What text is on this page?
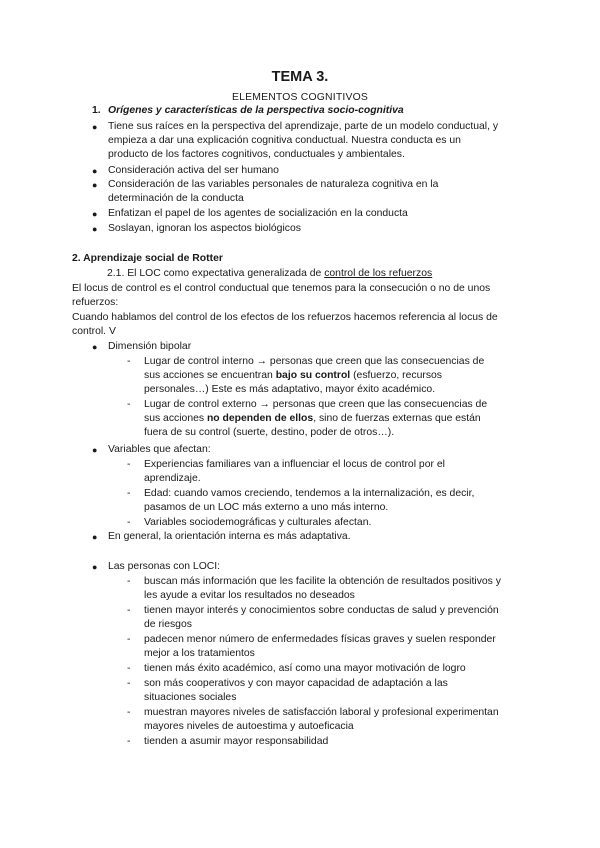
TEMA 3.
ELEMENTOS COGNITIVOS
1. Orígenes y características de la perspectiva socio-cognitiva
● Tiene sus raíces en la perspectiva del aprendizaje, parte de un modelo conductual, y
empieza a dar una explicación cognitiva conductual. Nuestra conducta es un
producto de los factores cognitivos, conductuales y ambientales.
● Consideración activa del ser humano
● Consideración de las variables personales de naturaleza cognitiva en la
determinación de la conducta
● Enfatizan el papel de los agentes de socialización en la conducta
● Soslayan, ignoran los aspectos biológicos
2. Aprendizaje social de Rotter
2.1. El LOC como expectativa generalizada de control de los refuerzos
El locus de control es el control conductual que tenemos para la consecución o no de unos
refuerzos:
Cuando hablamos del control de los efectos de los refuerzos hacemos referencia al locus de
control. V
● Dimensión bipolar
- Lugar de control interno → personas que creen que las consecuencias de
sus acciones se encuentran bajo su control (esfuerzo, recursos
personales…) Este es más adaptativo, mayor éxito académico.
- Lugar de control externo → personas que creen que las consecuencias de
sus acciones no dependen de ellos, sino de fuerzas externas que están
fuera de su control (suerte, destino, poder de otros…).
● Variables que afectan:
- Experiencias familiares van a influenciar el locus de control por el
aprendizaje.
- Edad: cuando vamos creciendo, tendemos a la internalización, es decir,
pasamos de un LOC más externo a uno más interno.
- Variables sociodemográficas y culturales afectan.
● En general, la orientación interna es más adaptativa.
● Las personas con LOCI:
- buscan más información que les facilite la obtención de resultados positivos y
les ayude a evitar los resultados no deseados
- tienen mayor interés y conocimientos sobre conductas de salud y prevención
de riesgos
- padecen menor número de enfermedades físicas graves y suelen responder
mejor a los tratamientos
- tienen más éxito académico, así como una mayor motivación de logro
- son más cooperativos y con mayor capacidad de adaptación a las
situaciones sociales
- muestran mayores niveles de satisfacción laboral y profesional experimentan
mayores niveles de autoestima y autoeficacia
- tienden a asumir mayor responsabilidad
